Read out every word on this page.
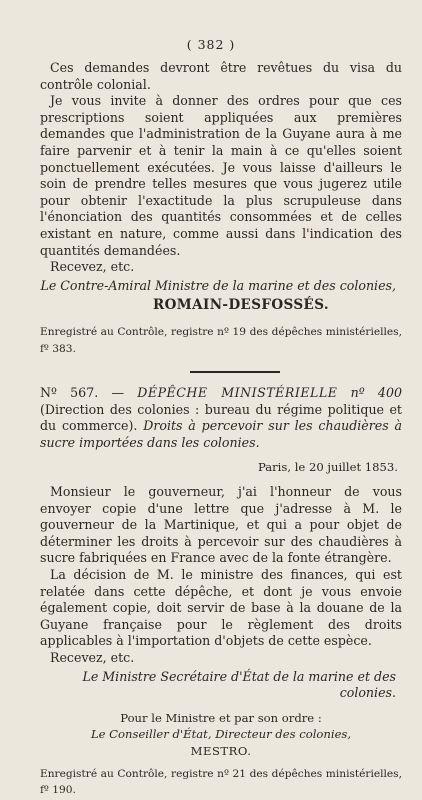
( 382 )

Ces demandes devront être revêtues du visa du contrôle colonial.

Je vous invite à donner des ordres pour que ces prescriptions soient appliquées aux premières demandes que l'administration de la Guyane aura à me faire parvenir et à tenir la main à ce qu'elles soient ponctuellement exécutées. Je vous laisse d'ailleurs le soin de prendre telles mesures que vous jugerez utile pour obtenir l'exactitude la plus scrupuleuse dans l'énonciation des quantités consommées et de celles existant en nature, comme aussi dans l'indication des quantités demandées.

Recevez, etc.

Le Contre-Amiral Ministre de la marine et des colonies,

ROMAIN-DESFOSSÉS.

Enregistré au Contrôle, registre nº 19 des dépêches ministérielles, fº 383.

Nº 567. — DÉPÊCHE MINISTÉRIELLE nº 400 (Direction des colonies : bureau du régime politique et du commerce). Droits à percevoir sur les chaudières à sucre importées dans les colonies.

Paris, le 20 juillet 1853.

Monsieur le gouverneur, j'ai l'honneur de vous envoyer copie d'une lettre que j'adresse à M. le gouverneur de la Martinique, et qui a pour objet de déterminer les droits à percevoir sur des chaudières à sucre fabriquées en France avec de la fonte étrangère.

La décision de M. le ministre des finances, qui est relatée dans cette dépêche, et dont je vous envoie également copie, doit servir de base à la douane de la Guyane française pour le règlement des droits applicables à l'importation d'objets de cette espèce.

Recevez, etc.

Le Ministre Secrétaire d'État de la marine et des colonies.

Pour le Ministre et par son ordre :

Le Conseiller d'État, Directeur des colonies,

MESTRO.

Enregistré au Contrôle, registre nº 21 des dépêches ministérielles, fº 190.
